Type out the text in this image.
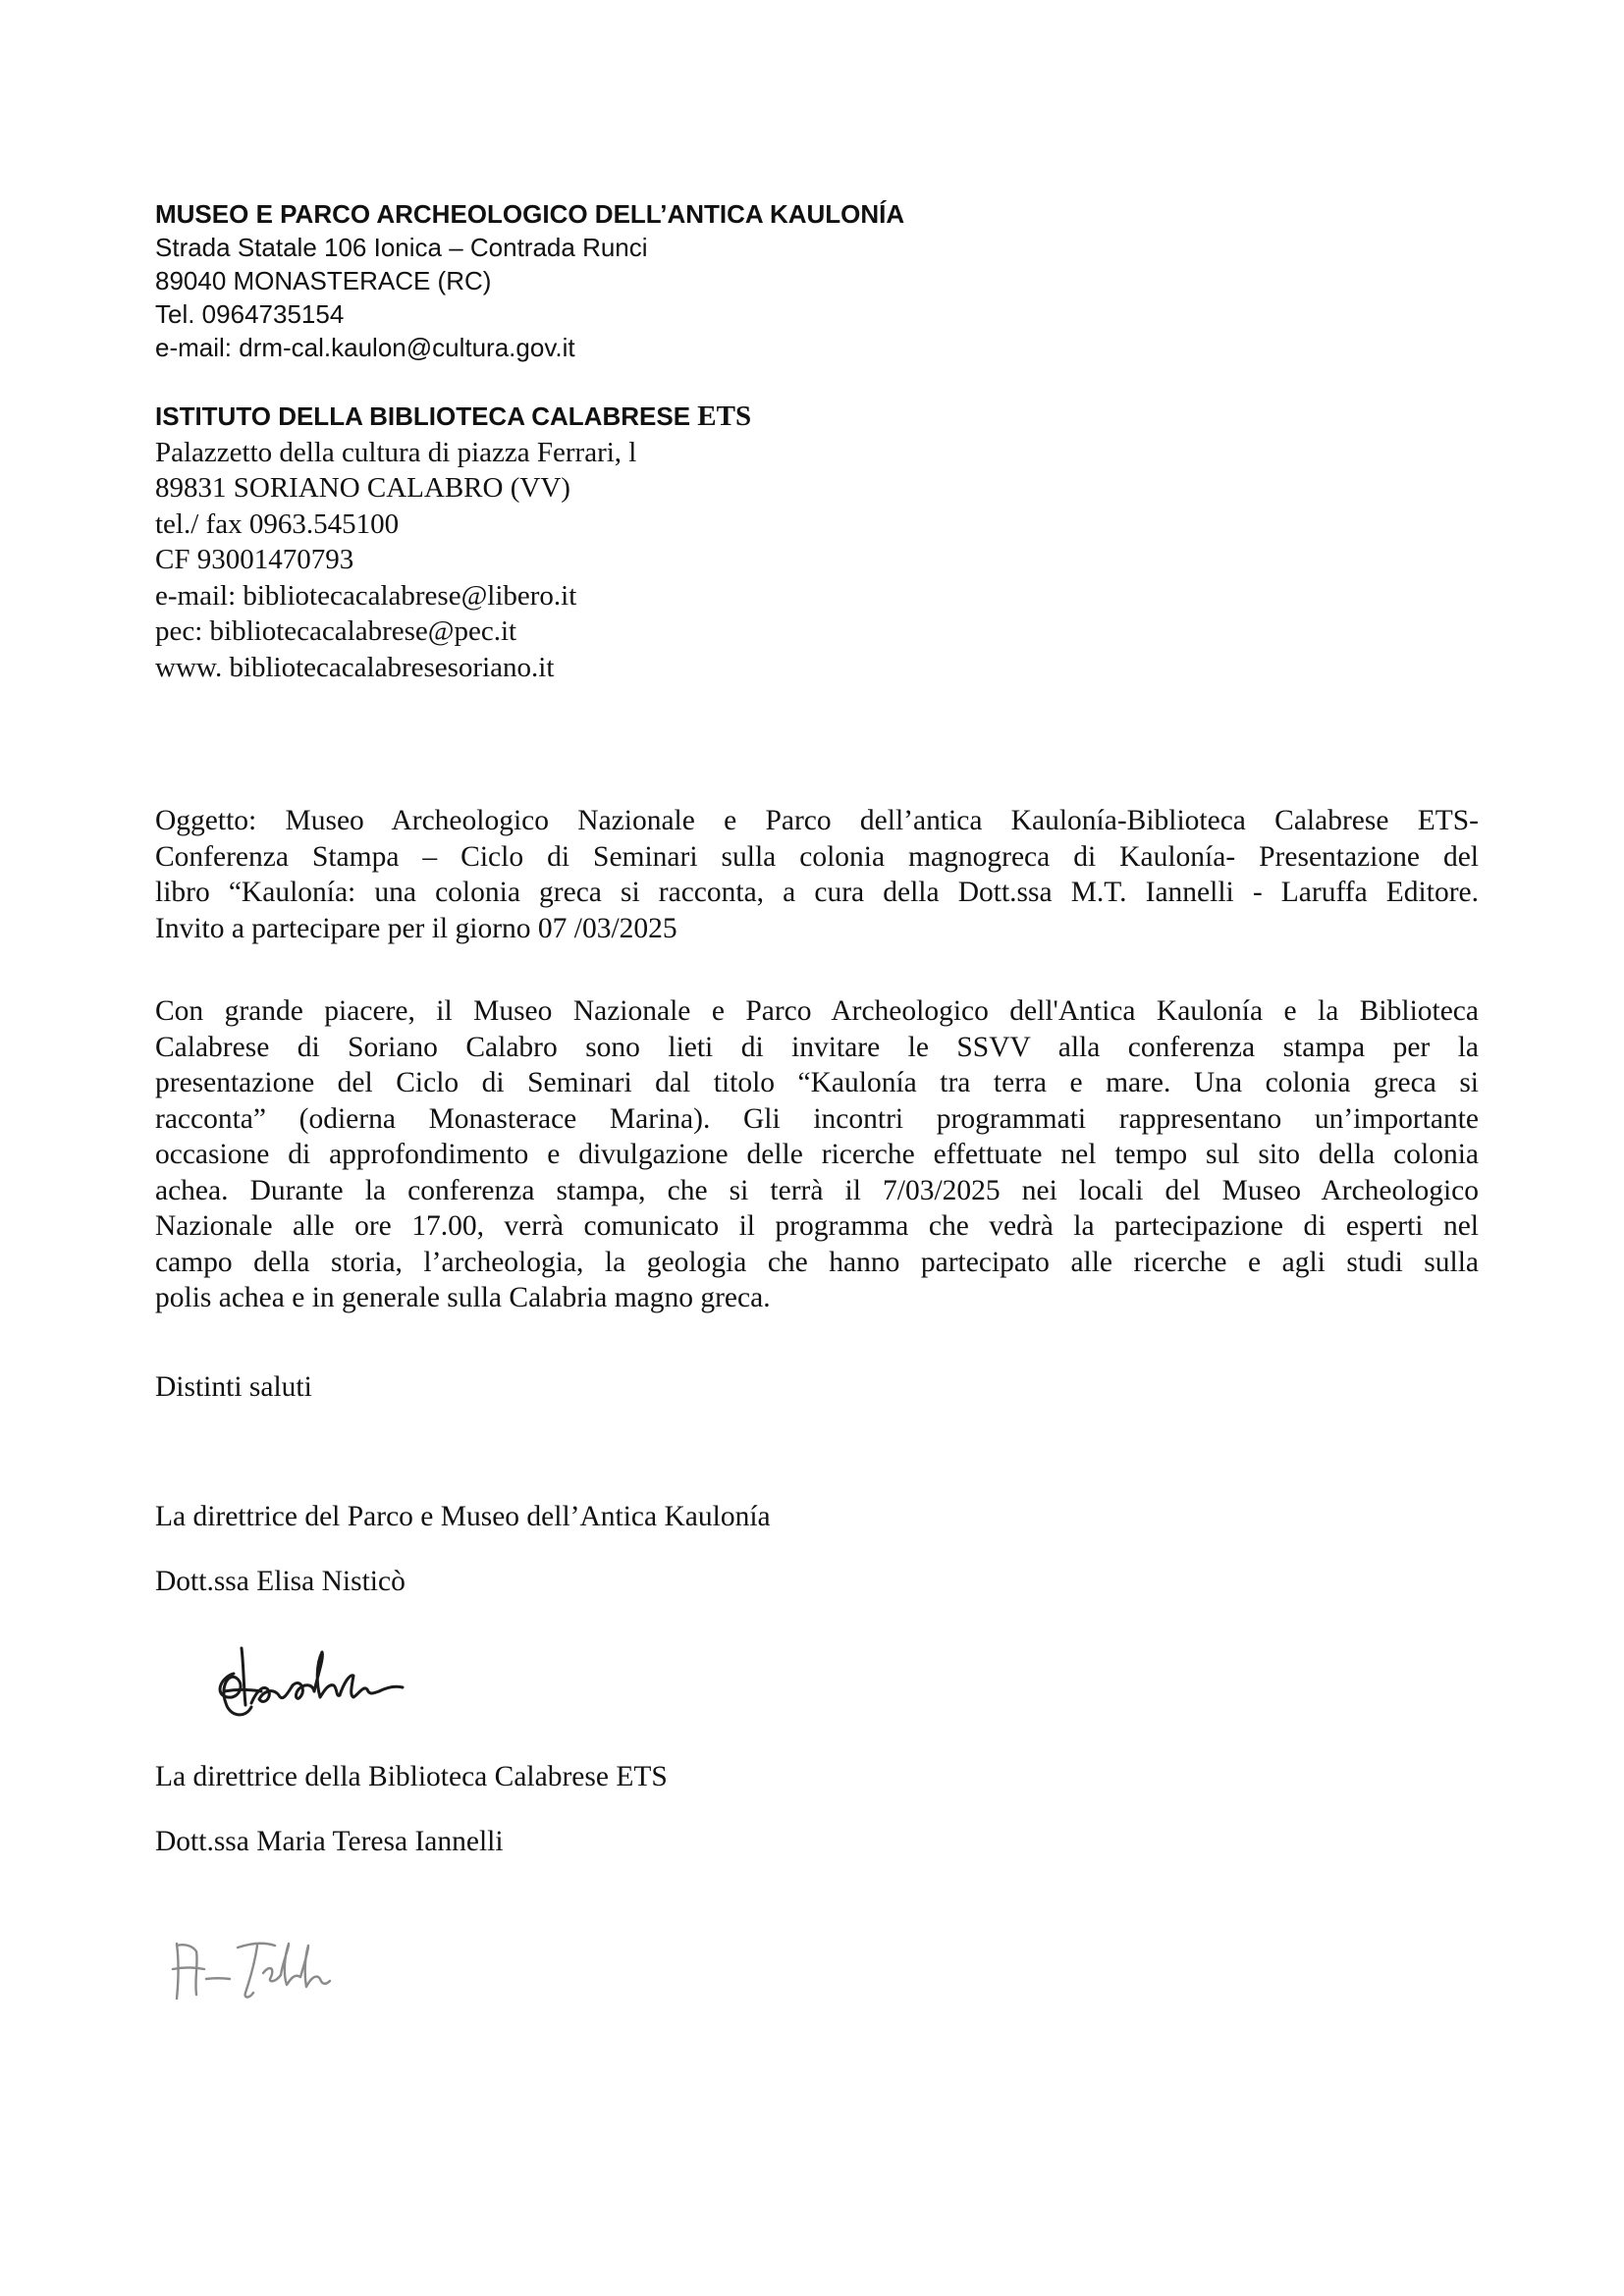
MUSEO E PARCO ARCHEOLOGICO DELL’ANTICA KAULONÍA
Strada Statale 106 Ionica – Contrada Runci
89040 MONASTERACE (RC)
Tel. 0964735154
e-mail: drm-cal.kaulon@cultura.gov.it
ISTITUTO DELLA BIBLIOTECA CALABRESE ETS
Palazzetto della cultura di piazza Ferrari, l
89831 SORIANO CALABRO (VV)
tel./ fax 0963.545100
CF 93001470793
e-mail: bibliotecacalabrese@libero.it
pec: bibliotecacalabrese@pec.it
www. bibliotecacalabresesoriano.it
Oggetto: Museo Archeologico Nazionale e Parco dell’antica Kaulonía-Biblioteca Calabrese ETS-
Conferenza Stampa – Ciclo di Seminari sulla colonia magnogreca di Kaulonía- Presentazione del
libro “Kaulonía: una colonia greca si racconta, a cura della Dott.ssa M.T. Iannelli - Laruffa Editore.
Invito a partecipare per il giorno 07 /03/2025
Con grande piacere, il Museo Nazionale e Parco Archeologico dell'Antica Kaulonía e la Biblioteca
Calabrese di Soriano Calabro sono lieti di invitare le SSVV alla conferenza stampa per la
presentazione del Ciclo di Seminari dal titolo “Kaulonía tra terra e mare. Una colonia greca si
racconta” (odierna Monasterace Marina). Gli incontri programmati rappresentano un’importante
occasione di approfondimento e divulgazione delle ricerche effettuate nel tempo sul sito della colonia
achea. Durante la conferenza stampa, che si terrà il 7/03/2025 nei locali del Museo Archeologico
Nazionale alle ore 17.00, verrà comunicato il programma che vedrà la partecipazione di esperti nel
campo della storia, l’archeologia, la geologia che hanno partecipato alle ricerche e agli studi sulla
polis achea e in generale sulla Calabria magno greca.
Distinti saluti
La direttrice del Parco e Museo dell’Antica Kaulonía
Dott.ssa Elisa Nisticò
La direttrice della Biblioteca Calabrese ETS
Dott.ssa Maria Teresa Iannelli
